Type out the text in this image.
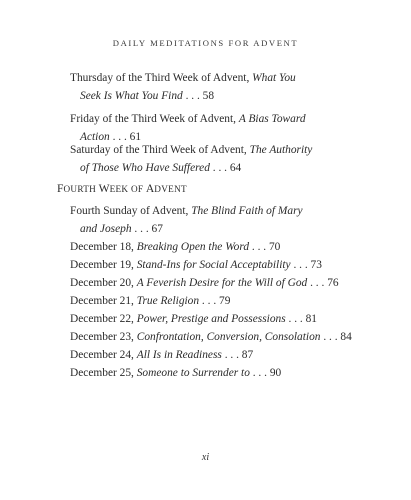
DAILY MEDITATIONS FOR ADVENT
Thursday of the Third Week of Advent, What You
Seek Is What You Find . . . 58
Friday of the Third Week of Advent, A Bias Toward
Action . . . 61
Saturday of the Third Week of Advent, The Authority
of Those Who Have Suffered . . . 64
FOURTH WEEK OF ADVENT
Fourth Sunday of Advent, The Blind Faith of Mary
and Joseph . . . 67
December 18, Breaking Open the Word . . . 70
December 19, Stand-Ins for Social Acceptability . . . 73
December 20, A Feverish Desire for the Will of God . . . 76
December 21, True Religion . . . 79
December 22, Power, Prestige and Possessions . . . 81
December 23, Confrontation, Conversion, Consolation . . . 84
December 24, All Is in Readiness . . . 87
December 25, Someone to Surrender to . . . 90
xi
